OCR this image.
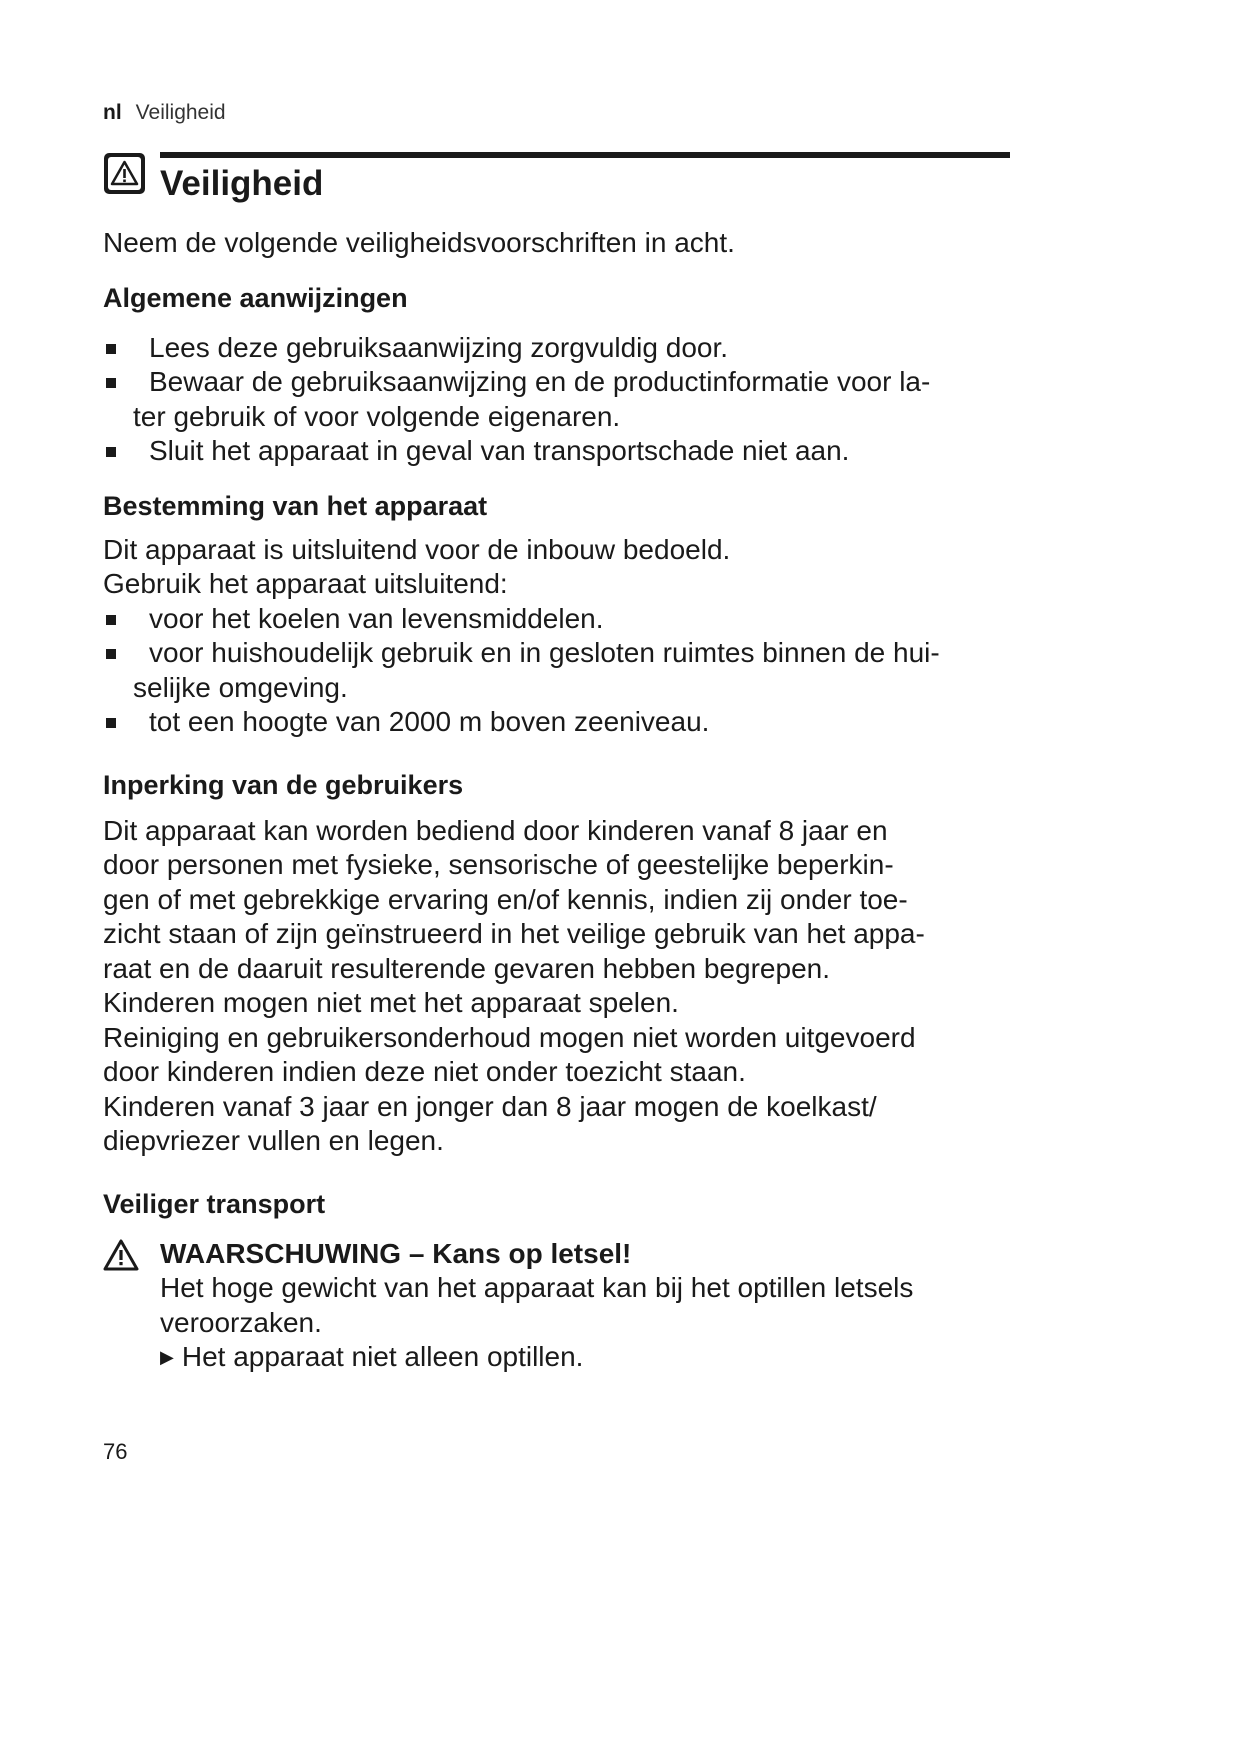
nl Veiligheid
Veiligheid

Neem de volgende veiligheidsvoorschriften in acht.

Algemene aanwijzingen
Lees deze gebruiksaanwijzing zorgvuldig door.
Bewaar de gebruiksaanwijzing en de productinformatie voor la-
ter gebruik of voor volgende eigenaren.
Sluit het apparaat in geval van transportschade niet aan.
Bestemming van het apparaat

Dit apparaat is uitsluitend voor de inbouw bedoeld.

Gebruik het apparaat uitsluitend:

voor het koelen van levensmiddelen.
voor huishoudelijk gebruik en in gesloten ruimtes binnen de hui-
selijke omgeving.
tot een hoogte van 2000 m boven zeeniveau.
Inperking van de gebruikers

Dit apparaat kan worden bediend door kinderen vanaf 8 jaar en

door personen met fysieke, sensorische of geestelijke beperkin-

gen of met gebrekkige ervaring en/of kennis, indien zij onder toe-

zicht staan of zijn geïnstrueerd in het veilige gebruik van het appa-

raat en de daaruit resulterende gevaren hebben begrepen.

Kinderen mogen niet met het apparaat spelen.

Reiniging en gebruikersonderhoud mogen niet worden uitgevoerd

door kinderen indien deze niet onder toezicht staan.

Kinderen vanaf 3 jaar en jonger dan 8 jaar mogen de koelkast/

diepvriezer vullen en legen.

Veiliger transport

WAARSCHUWING – Kans op letsel!

Het hoge gewicht van het apparaat kan bij het optillen letsels

veroorzaken.

▶ Het apparaat niet alleen optillen.

76
